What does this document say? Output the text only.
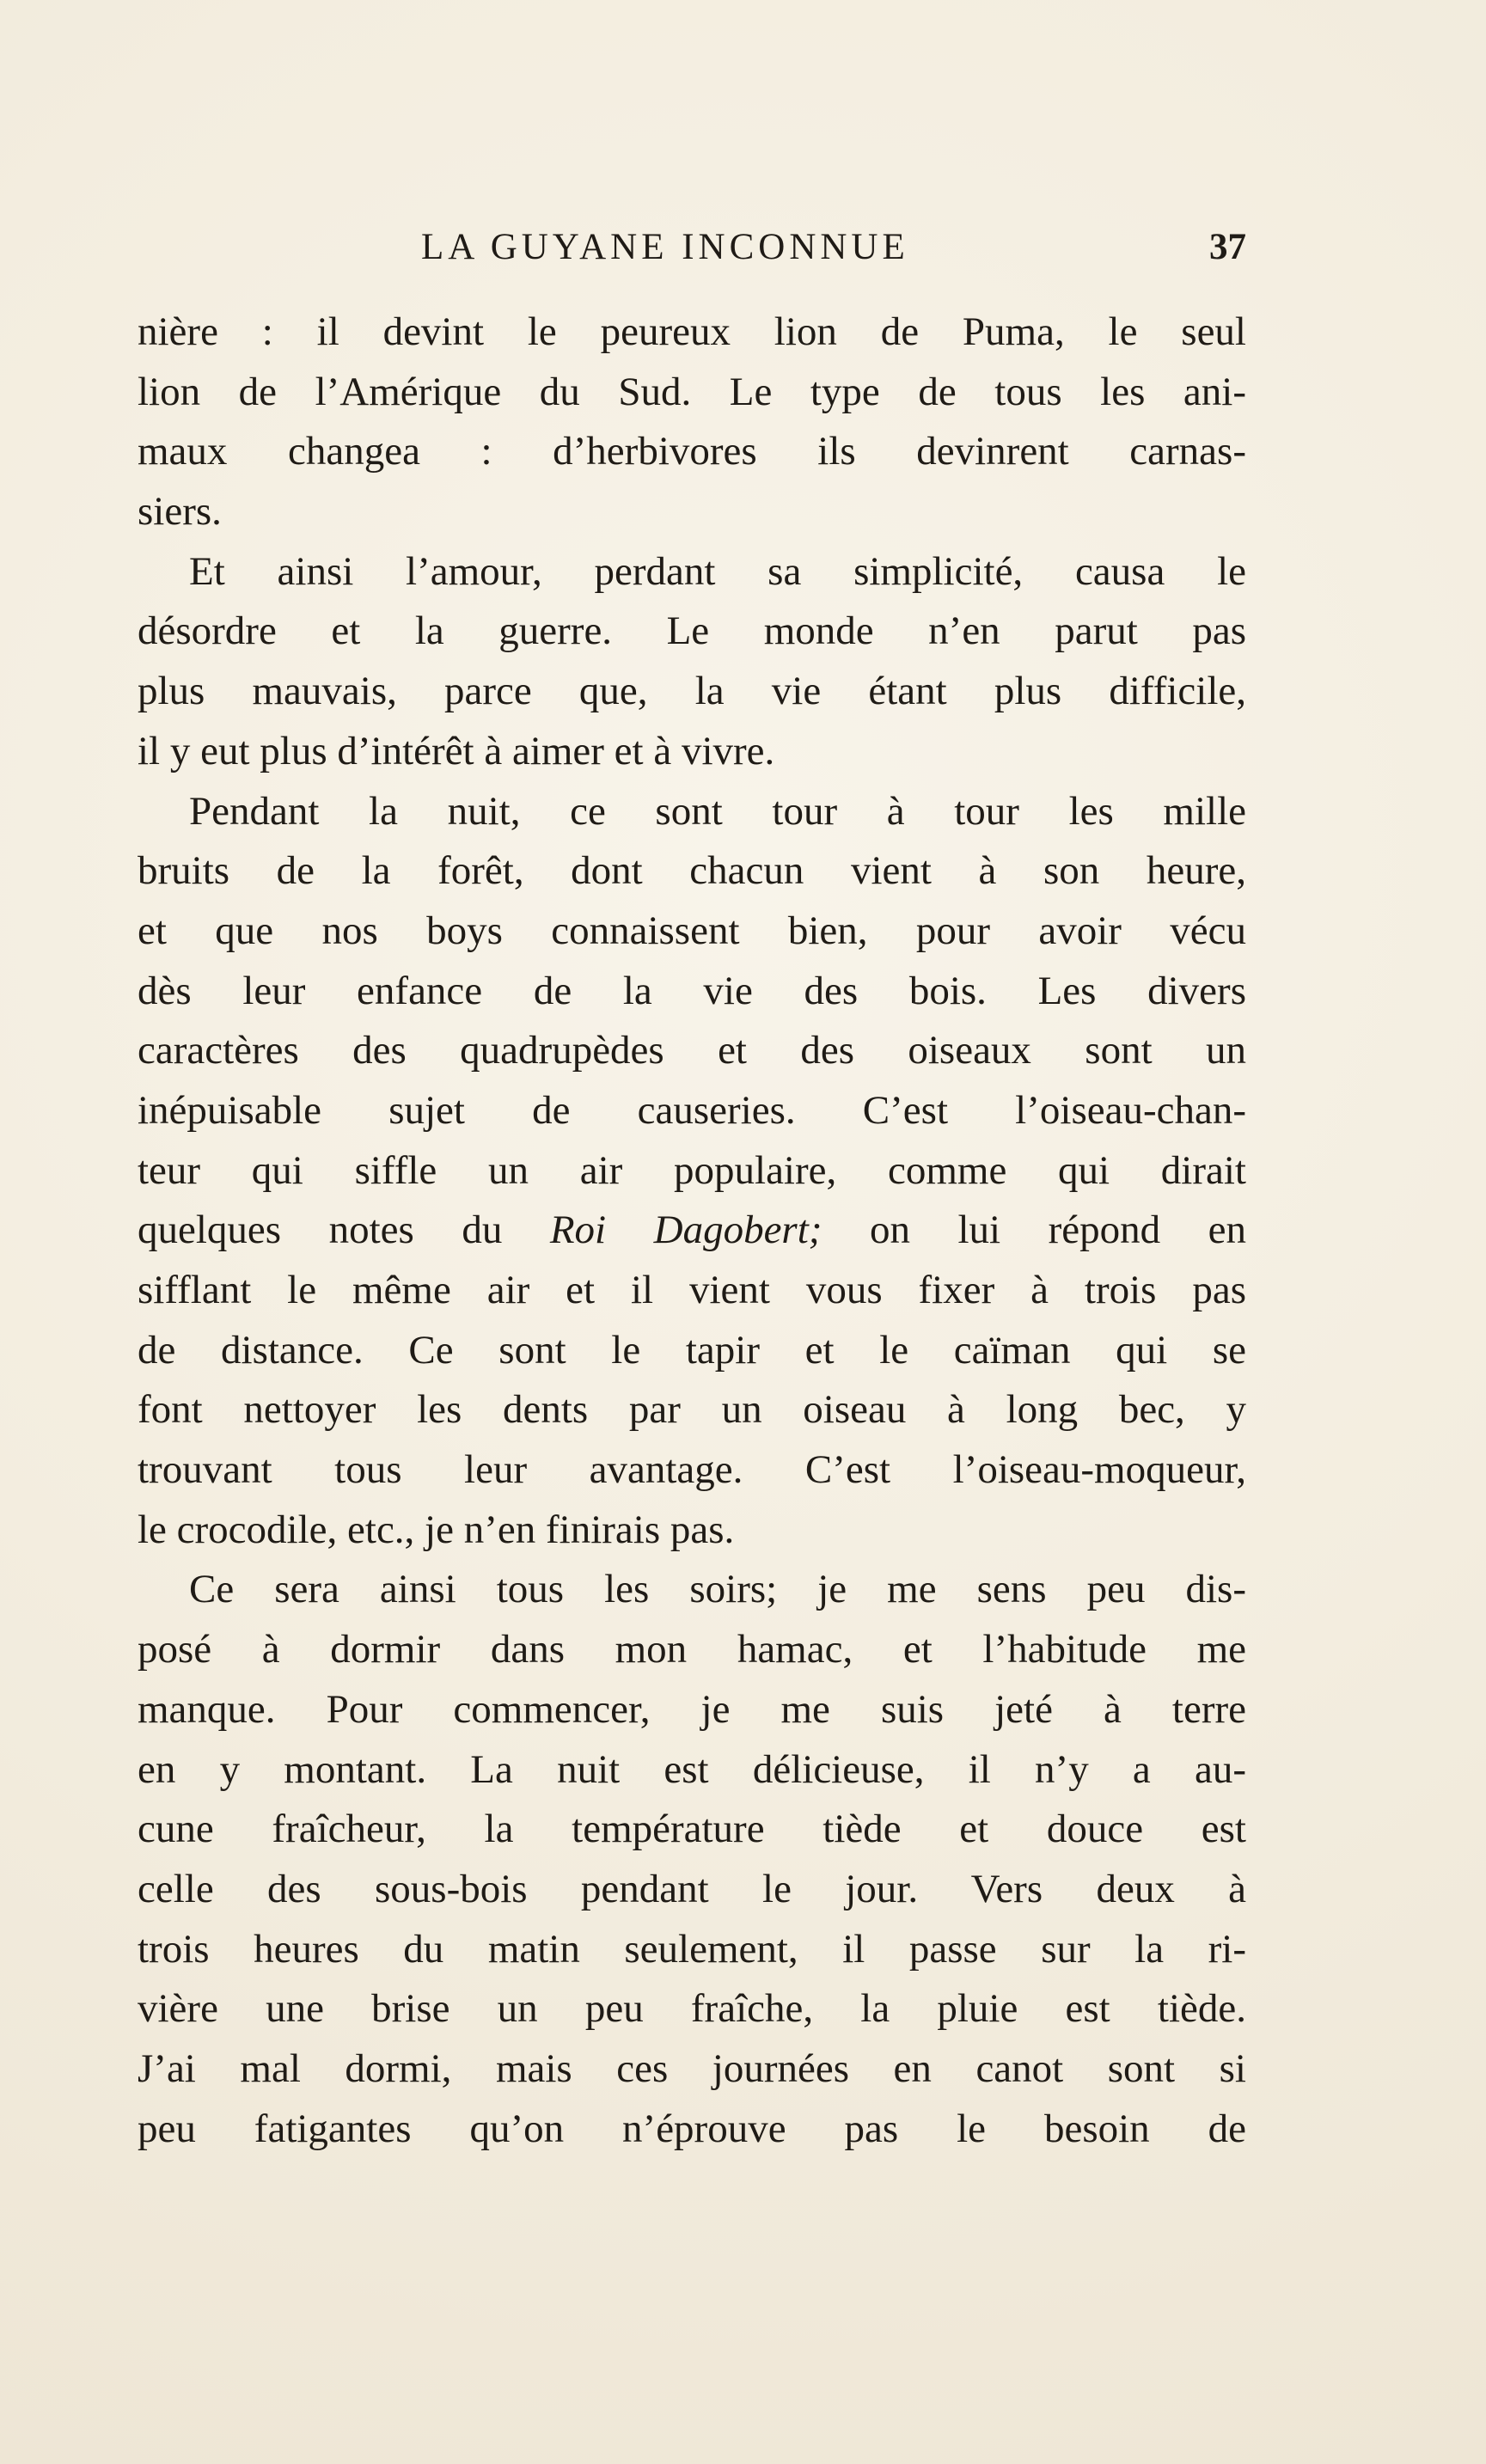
LA GUYANE INCONNUE	37
nière : il devint le peureux lion de Puma, le seul
lion de l’Amérique du Sud. Le type de tous les ani-
maux changea : d’herbivores ils devinrent carnas-
siers.
Et ainsi l’amour, perdant sa simplicité, causa le
désordre et la guerre. Le monde n’en parut pas
plus mauvais, parce que, la vie étant plus difficile,
il y eut plus d’intérêt à aimer et à vivre.
Pendant la nuit, ce sont tour à tour les mille
bruits de la forêt, dont chacun vient à son heure,
et que nos boys connaissent bien, pour avoir vécu
dès leur enfance de la vie des bois. Les divers
caractères des quadrupèdes et des oiseaux sont un
inépuisable sujet de causeries. C’est l’oiseau-chan-
teur qui siffle un air populaire, comme qui dirait
quelques notes du Roi Dagobert; on lui répond en
sifflant le même air et il vient vous fixer à trois pas
de distance. Ce sont le tapir et le caïman qui se
font nettoyer les dents par un oiseau à long bec, y
trouvant tous leur avantage. C’est l’oiseau-moqueur,
le crocodile, etc., je n’en finirais pas.
Ce sera ainsi tous les soirs; je me sens peu dis-
posé à dormir dans mon hamac, et l’habitude me
manque. Pour commencer, je me suis jeté à terre
en y montant. La nuit est délicieuse, il n’y a au-
cune fraîcheur, la température tiède et douce est
celle des sous-bois pendant le jour. Vers deux à
trois heures du matin seulement, il passe sur la ri-
vière une brise un peu fraîche, la pluie est tiède.
J’ai mal dormi, mais ces journées en canot sont si
peu fatigantes qu’on n’éprouve pas le besoin de
